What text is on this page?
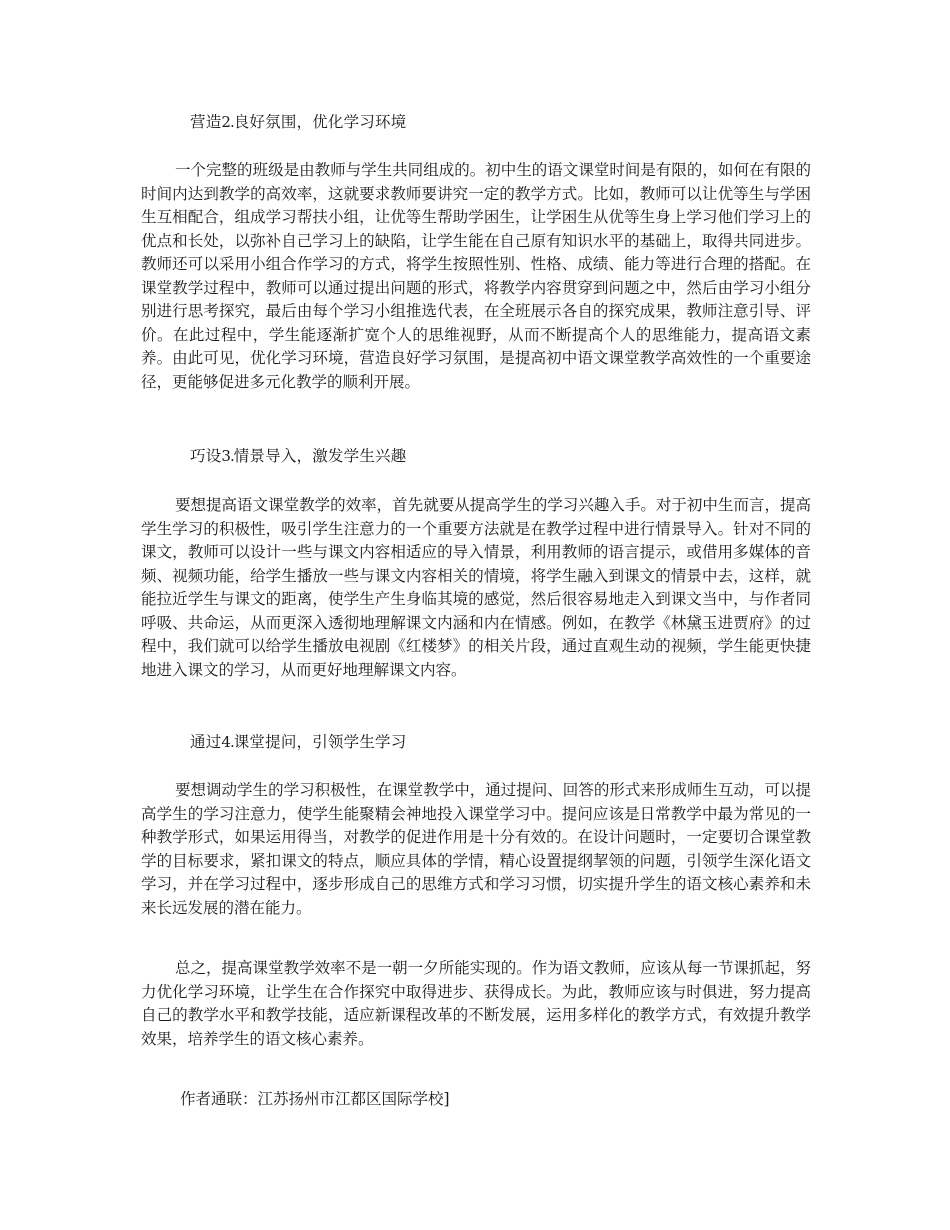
营造2.良好氛围，优化学习环境

一个完整的班级是由教师与学生共同组成的。初中生的语文课堂时间是有限的，如何在有限的时间内达到教学的高效率，这就要求教师要讲究一定的教学方式。比如，教师可以让优等生与学困生互相配合，组成学习帮扶小组，让优等生帮助学困生，让学困生从优等生身上学习他们学习上的优点和长处，以弥补自己学习上的缺陷，让学生能在自己原有知识水平的基础上，取得共同进步。教师还可以采用小组合作学习的方式，将学生按照性别、性格、成绩、能力等进行合理的搭配。在课堂教学过程中，教师可以通过提出问题的形式，将教学内容贯穿到问题之中，然后由学习小组分别进行思考探究，最后由每个学习小组推选代表，在全班展示各自的探究成果，教师注意引导、评价。在此过程中，学生能逐渐扩宽个人的思维视野，从而不断提高个人的思维能力，提高语文素养。由此可见，优化学习环境，营造良好学习氛围，是提高初中语文课堂教学高效性的一个重要途径，更能够促进多元化教学的顺利开展。

巧设3.情景导入，激发学生兴趣

要想提高语文课堂教学的效率，首先就要从提高学生的学习兴趣入手。对于初中生而言，提高学生学习的积极性，吸引学生注意力的一个重要方法就是在教学过程中进行情景导入。针对不同的课文，教师可以设计一些与课文内容相适应的导入情景，利用教师的语言提示，或借用多媒体的音频、视频功能，给学生播放一些与课文内容相关的情境，将学生融入到课文的情景中去，这样，就能拉近学生与课文的距离，使学生产生身临其境的感觉，然后很容易地走入到课文当中，与作者同呼吸、共命运，从而更深入透彻地理解课文内涵和内在情感。例如，在教学《林黛玉进贾府》的过程中，我们就可以给学生播放电视剧《红楼梦》的相关片段，通过直观生动的视频，学生能更快捷地进入课文的学习，从而更好地理解课文内容。

通过4.课堂提问，引领学生学习

要想调动学生的学习积极性，在课堂教学中，通过提问、回答的形式来形成师生互动，可以提高学生的学习注意力，使学生能聚精会神地投入课堂学习中。提问应该是日常教学中最为常见的一种教学形式，如果运用得当，对教学的促进作用是十分有效的。在设计问题时，一定要切合课堂教学的目标要求，紧扣课文的特点，顺应具体的学情，精心设置提纲挈领的问题，引领学生深化语文学习，并在学习过程中，逐步形成自己的思维方式和学习习惯，切实提升学生的语文核心素养和未来长远发展的潜在能力。

总之，提高课堂教学效率不是一朝一夕所能实现的。作为语文教师，应该从每一节课抓起，努力优化学习环境，让学生在合作探究中取得进步、获得成长。为此，教师应该与时俱进，努力提高自己的教学水平和教学技能，适应新课程改革的不断发展，运用多样化的教学方式，有效提升教学效果，培养学生的语文核心素养。

作者通联：江苏扬州市江都区国际学校]
